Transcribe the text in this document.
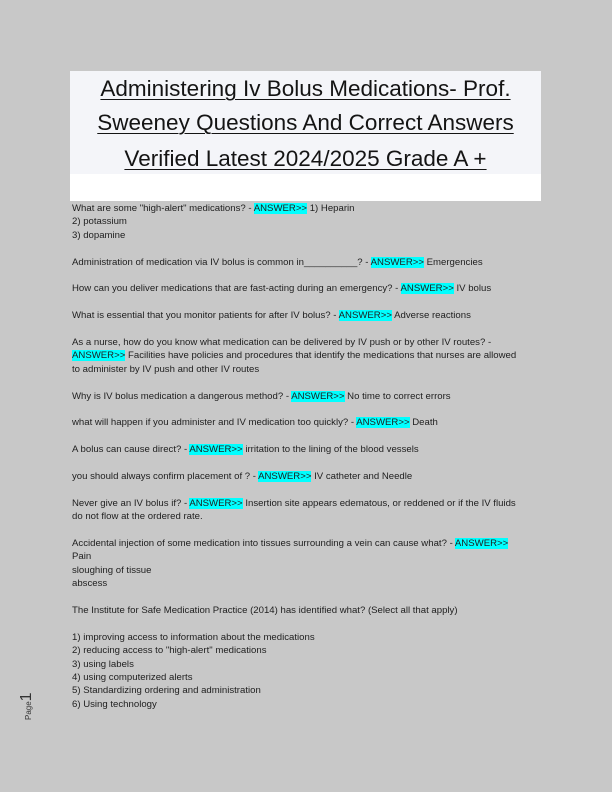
Administering Iv Bolus Medications- Prof.
Sweeney Questions And Correct Answers
Verified Latest 2024/2025 Grade A +
What are some "high-alert" medications? - ANSWER>> 1) Heparin
2) potassium
3) dopamine
Administration of medication via IV bolus is common in__________? - ANSWER>> Emergencies
How can you deliver medications that are fast-acting during an emergency? - ANSWER>> IV bolus
What is essential that you monitor patients for after IV bolus? - ANSWER>> Adverse reactions
As a nurse, how do you know what medication can be delivered by IV push or by other IV routes? -
ANSWER>> Facilities have policies and procedures that identify the medications that nurses are allowed
to administer by IV push and other IV routes
Why is IV bolus medication a dangerous method? - ANSWER>> No time to correct errors
what will happen if you administer and IV medication too quickly? - ANSWER>> Death
A bolus can cause direct? - ANSWER>> irritation to the lining of the blood vessels
you should always confirm placement of ? - ANSWER>> IV catheter and Needle
Never give an IV bolus if? - ANSWER>> Insertion site appears edematous, or reddened or if the IV fluids
do not flow at the ordered rate.
Accidental injection of some medication into tissues surrounding a vein can cause what? - ANSWER>>
Pain
sloughing of tissue
abscess
The Institute for Safe Medication Practice (2014) has identified what? (Select all that apply)
1) improving access to information about the medications
2) reducing access to "high-alert" medications
3) using labels
4) using computerized alerts
5) Standardizing ordering and administration
6) Using technology
Page1
